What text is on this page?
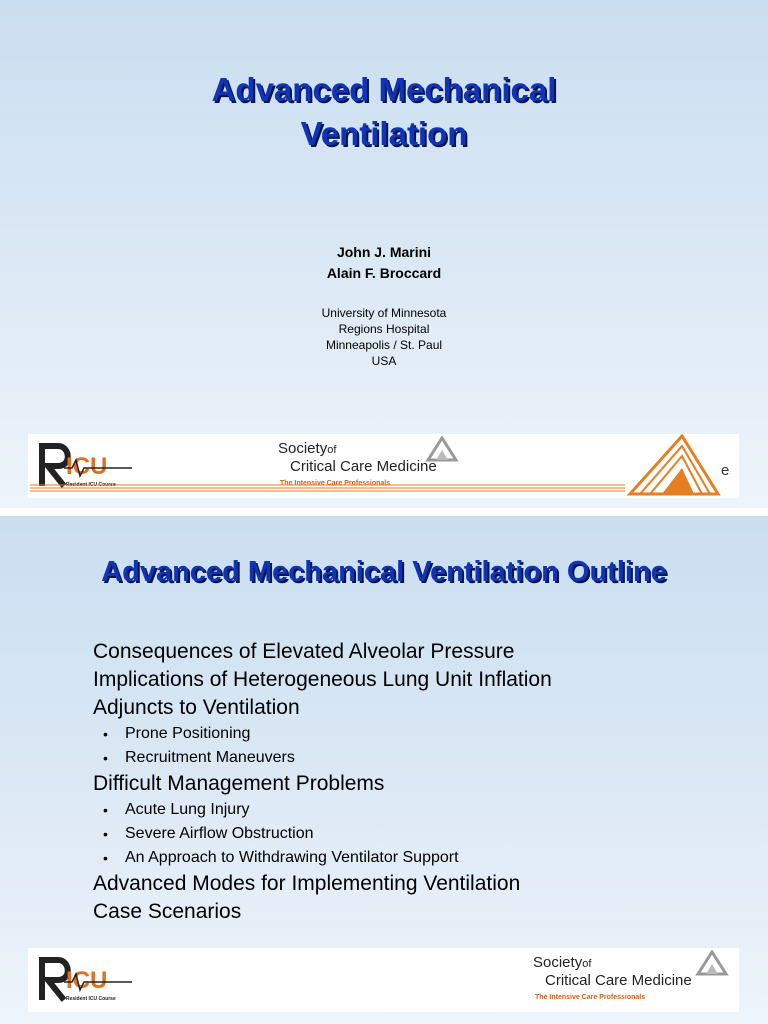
Advanced Mechanical
Ventilation
John J. Marini
Alain F. Broccard
University of Minnesota
Regions Hospital
Minneapolis / St. Paul
USA
ICU
Resident ICU Course
Societyof
Critical Care Medicine
The Intensive Care Professionals
e
Advanced Mechanical Ventilation Outline
Consequences of Elevated Alveolar Pressure
Implications of Heterogeneous Lung Unit Inflation
Adjuncts to Ventilation
•	Prone Positioning
•	Recruitment Maneuvers
Difficult Management Problems
•	Acute Lung Injury
•	Severe Airflow Obstruction
•	An Approach to Withdrawing Ventilator Support
Advanced Modes for Implementing Ventilation
Case Scenarios
ICU
Resident ICU Course
Societyof
Critical Care Medicine
The Intensive Care Professionals
